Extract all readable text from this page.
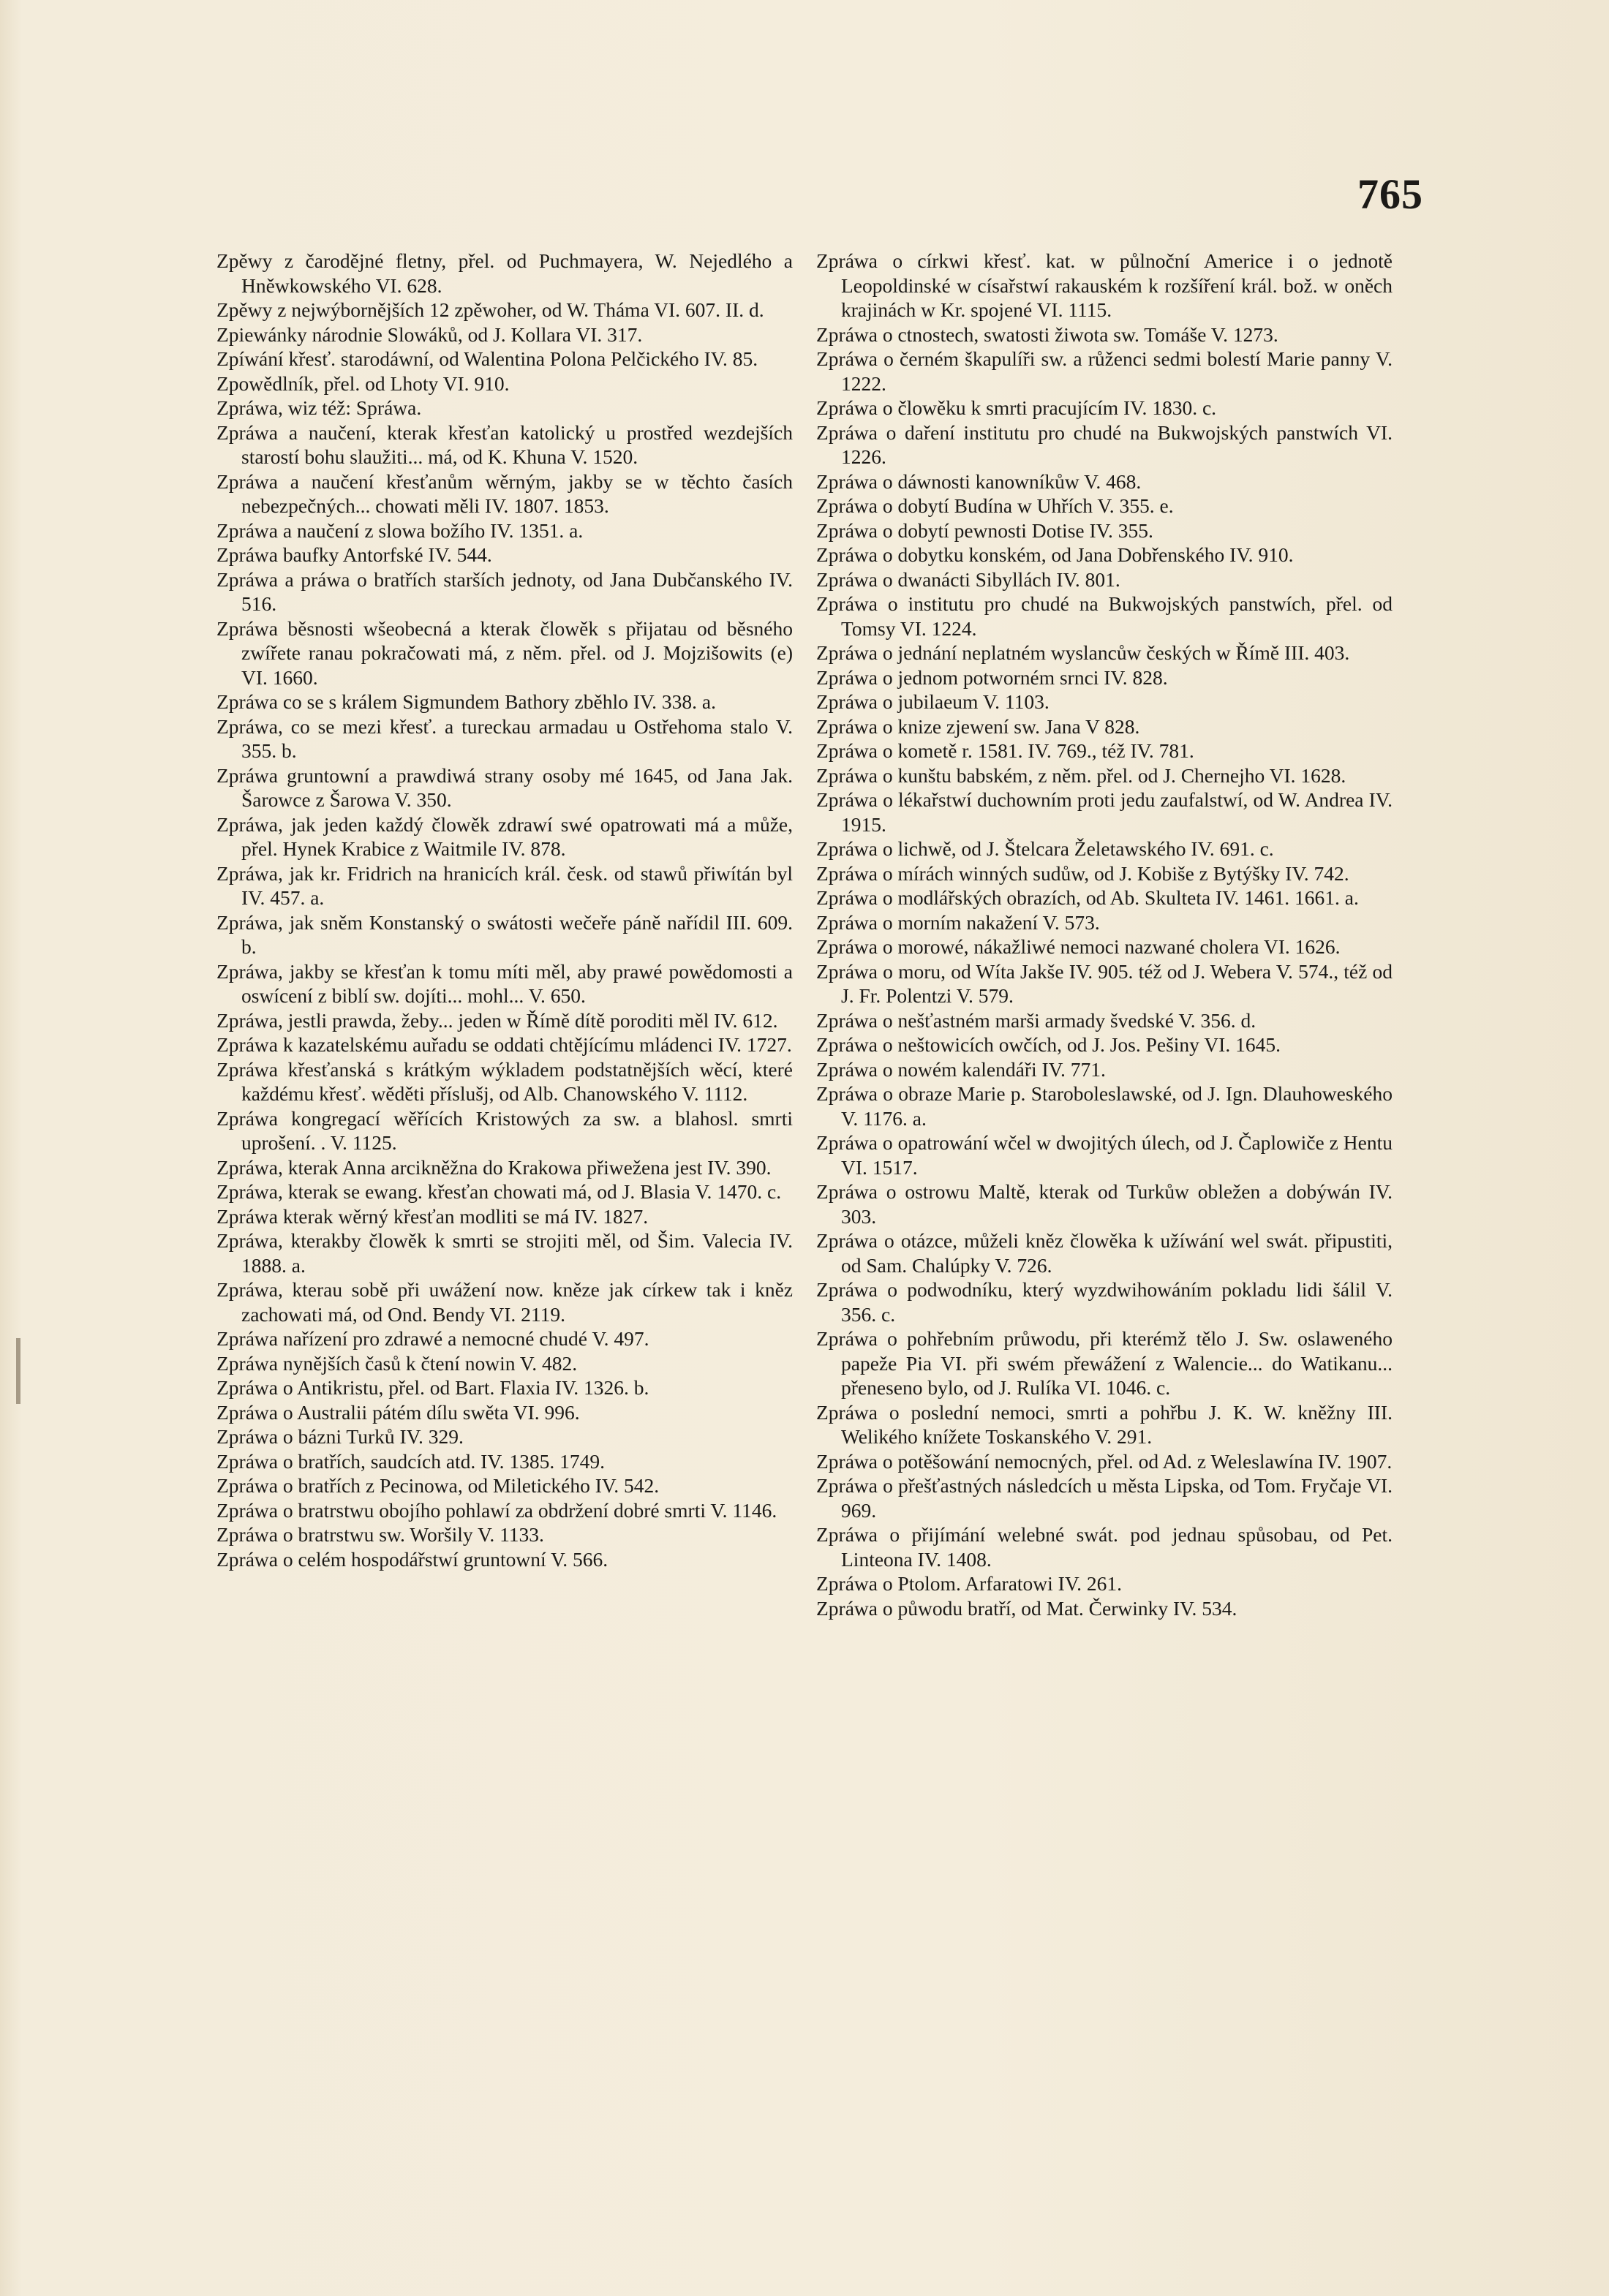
765

Zpěwy z čarodějné fletny, přel. od Puchmayera, W. Nejedlého a Hněwkowského VI. 628.

Zpěwy z nejwýbornějších 12 zpěwoher, od W. Tháma VI. 607. II. d.

Zpiewánky národnie Slowáků, od J. Kollara VI. 317.

Zpíwání křesť. starodáwní, od Walentina Polona Pelčického IV. 85.

Zpowědlník, přel. od Lhoty VI. 910.

Zpráwa, wiz též: Spráwa.

Zpráwa a naučení, kterak křesťan katolický u prostřed wezdejších starostí bohu slaužiti... má, od K. Khuna V. 1520.

Zpráwa a naučení křesťanům wěrným, jakby se w těchto časích nebezpečných... chowati měli IV. 1807. 1853.

Zpráwa a naučení z slowa božího IV. 1351. a.

Zpráwa baufky Antorfské IV. 544.

Zpráwa a práwa o bratřích starších jednoty, od Jana Dubčanského IV. 516.

Zpráwa běsnosti wšeobecná a kterak člowěk s přijatau od běsného zwířete ranau pokračowati má, z něm. přel. od J. Mojzišowits (e) VI. 1660.

Zpráwa co se s králem Sigmundem Bathory zběhlo IV. 338. a.

Zpráwa, co se mezi křesť. a tureckau armadau u Ostřehoma stalo V. 355. b.

Zpráwa gruntowní a prawdiwá strany osoby mé 1645, od Jana Jak. Šarowce z Šarowa V. 350.

Zpráwa, jak jeden každý člowěk zdrawí swé opatrowati má a může, přel. Hynek Krabice z Waitmile IV. 878.

Zpráwa, jak kr. Fridrich na hranicích král. česk. od stawů přiwítán byl IV. 457. a.

Zpráwa, jak sněm Konstanský o swátosti wečeře páně nařídil III. 609. b.

Zpráwa, jakby se křesťan k tomu míti měl, aby prawé powědomosti a oswícení z biblí sw. dojíti... mohl... V. 650.

Zpráwa, jestli prawda, žeby... jeden w Římě dítě poroditi měl IV. 612.

Zpráwa k kazatelskému auřadu se oddati chtějícímu mládenci IV. 1727.

Zpráwa křesťanská s krátkým wýkladem podstatnějších wěcí, které každému křesť. wěděti příslušj, od Alb. Chanowského V. 1112.

Zpráwa kongregací wěřících Kristowých za sw. a blahosl. smrti uprošení. . V. 1125.

Zpráwa, kterak Anna arcikněžna do Krakowa přiwežena jest IV. 390.

Zpráwa, kterak se ewang. křesťan chowati má, od J. Blasia V. 1470. c.

Zpráwa kterak wěrný křesťan modliti se má IV. 1827.

Zpráwa, kterakby člowěk k smrti se strojiti měl, od Šim. Valecia IV. 1888. a.

Zpráwa, kterau sobě při uwážení now. kněze jak církew tak i kněz zachowati má, od Ond. Bendy VI. 2119.

Zpráwa nařízení pro zdrawé a nemocné chudé V. 497.

Zpráwa nynějších časů k čtení nowin V. 482.

Zpráwa o Antikristu, přel. od Bart. Flaxia IV. 1326. b.

Zpráwa o Australii pátém dílu swěta VI. 996.

Zpráwa o bázni Turků IV. 329.

Zpráwa o bratřích, saudcích atd. IV. 1385. 1749.

Zpráwa o bratřích z Pecinowa, od Miletického IV. 542.

Zpráwa o bratrstwu obojího pohlawí za obdržení dobré smrti V. 1146.

Zpráwa o bratrstwu sw. Woršily V. 1133.

Zpráwa o celém hospodářstwí gruntowní V. 566.

Zpráwa o církwi křesť. kat. w půlnoční Americe i o jednotě Leopoldinské w císařstwí rakauském k rozšíření král. bož. w oněch krajinách w Kr. spojené VI. 1115.

Zpráwa o ctnostech, swatosti žiwota sw. Tomáše V. 1273.

Zpráwa o černém škapulíři sw. a růženci sedmi bolestí Marie panny V. 1222.

Zpráwa o člowěku k smrti pracujícím IV. 1830. c.

Zpráwa o daření institutu pro chudé na Bukwojských panstwích VI. 1226.

Zpráwa o dáwnosti kanowníkůw V. 468.

Zpráwa o dobytí Budína w Uhřích V. 355. e.

Zpráwa o dobytí pewnosti Dotise IV. 355.

Zpráwa o dobytku konském, od Jana Dobřenského IV. 910.

Zpráwa o dwanácti Sibyllách IV. 801.

Zpráwa o institutu pro chudé na Bukwojských panstwích, přel. od Tomsy VI. 1224.

Zpráwa o jednání neplatném wyslancůw českých w Římě III. 403.

Zpráwa o jednom potworném srnci IV. 828.

Zpráwa o jubilaeum V. 1103.

Zpráwa o knize zjewení sw. Jana V 828.

Zpráwa o kometě r. 1581. IV. 769., též IV. 781.

Zpráwa o kunštu babském, z něm. přel. od J. Chernejho VI. 1628.

Zpráwa o lékařstwí duchowním proti jedu zaufalstwí, od W. Andrea IV. 1915.

Zpráwa o lichwě, od J. Štelcara Želetawského IV. 691. c.

Zpráwa o mírách winných sudůw, od J. Kobiše z Bytýšky IV. 742.

Zpráwa o modlářských obrazích, od Ab. Skulteta IV. 1461. 1661. a.

Zpráwa o morním nakažení V. 573.

Zpráwa o morowé, nákažliwé nemoci nazwané cholera VI. 1626.

Zpráwa o moru, od Wíta Jakše IV. 905. též od J. Webera V. 574., též od J. Fr. Polentzi V. 579.

Zpráwa o nešťastném marši armady švedské V. 356. d.

Zpráwa o neštowicích owčích, od J. Jos. Pešiny VI. 1645.

Zpráwa o nowém kalendáři IV. 771.

Zpráwa o obraze Marie p. Staroboleslawské, od J. Ign. Dlauhoweského V. 1176. a.

Zpráwa o opatrowání wčel w dwojitých úlech, od J. Čaplowiče z Hentu VI. 1517.

Zpráwa o ostrowu Maltě, kterak od Turkůw obležen a dobýwán IV. 303.

Zpráwa o otázce, můželi kněz člowěka k užíwání wel swát. připustiti, od Sam. Chalúpky V. 726.

Zpráwa o podwodníku, který wyzdwihowáním pokladu lidi šálil V. 356. c.

Zpráwa o pohřebním průwodu, při kterémž tělo J. Sw. oslaweného papeže Pia VI. při swém přewážení z Walencie... do Watikanu... přeneseno bylo, od J. Rulíka VI. 1046. c.

Zpráwa o poslední nemoci, smrti a pohřbu J. K. W. kněžny III. Welikého knížete Toskanského V. 291.

Zpráwa o potěšowání nemocných, přel. od Ad. z Weleslawína IV. 1907.

Zpráwa o přešťastných následcích u města Lipska, od Tom. Fryčaje VI. 969.

Zpráwa o přijímání welebné swát. pod jednau spůsobau, od Pet. Linteona IV. 1408.

Zpráwa o Ptolom. Arfaratowi IV. 261.

Zpráwa o půwodu bratří, od Mat. Čerwinky IV. 534.
